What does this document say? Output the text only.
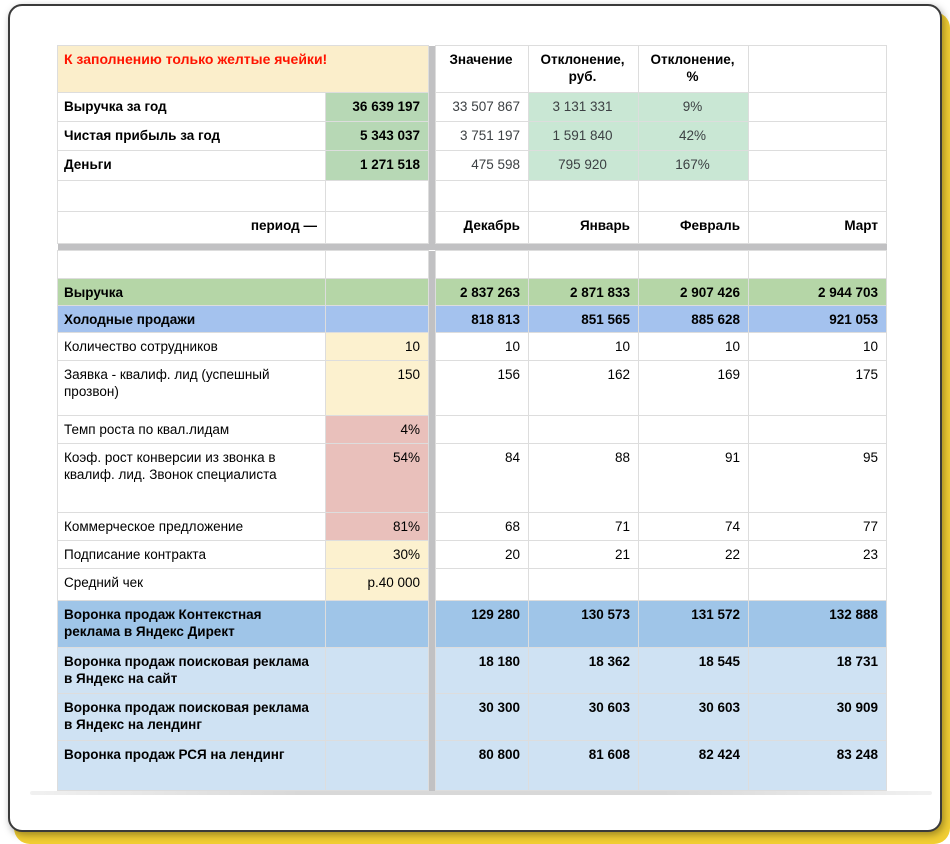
К заполнению только желтые ячейки!			Значение	Отклонение, руб.	Отклонение, %	
Выручка за год	36 639 197		33 507 867	3 131 331	9%	
Чистая прибыль за год	5 343 037		3 751 197	1 591 840	42%	
Деньги	1 271 518		475 598	795 920	167%	

период —			Декабрь	Январь	Февраль	Март

Выручка			2 837 263	2 871 833	2 907 426	2 944 703
Холодные продажи			818 813	851 565	885 628	921 053
Количество сотрудников	10		10	10	10	10
Заявка - квалиф. лид (успешный прозвон)	150		156	162	169	175
Темп роста по квал.лидам	4%					
Коэф. рост конверсии из звонка в квалиф. лид. Звонок специалиста	54%		84	88	91	95
Коммерческое предложение	81%		68	71	74	77
Подписание контракта	30%		20	21	22	23
Средний чек	р.40 000					
Воронка продаж Контекстная реклама в Яндекс Директ			129 280	130 573	131 572	132 888
Воронка продаж поисковая реклама в Яндекс на сайт			18 180	18 362	18 545	18 731
Воронка продаж поисковая реклама в Яндекс на лендинг			30 300	30 603	30 603	30 909
Воронка продаж РСЯ на лендинг			80 800	81 608	82 424	83 248
